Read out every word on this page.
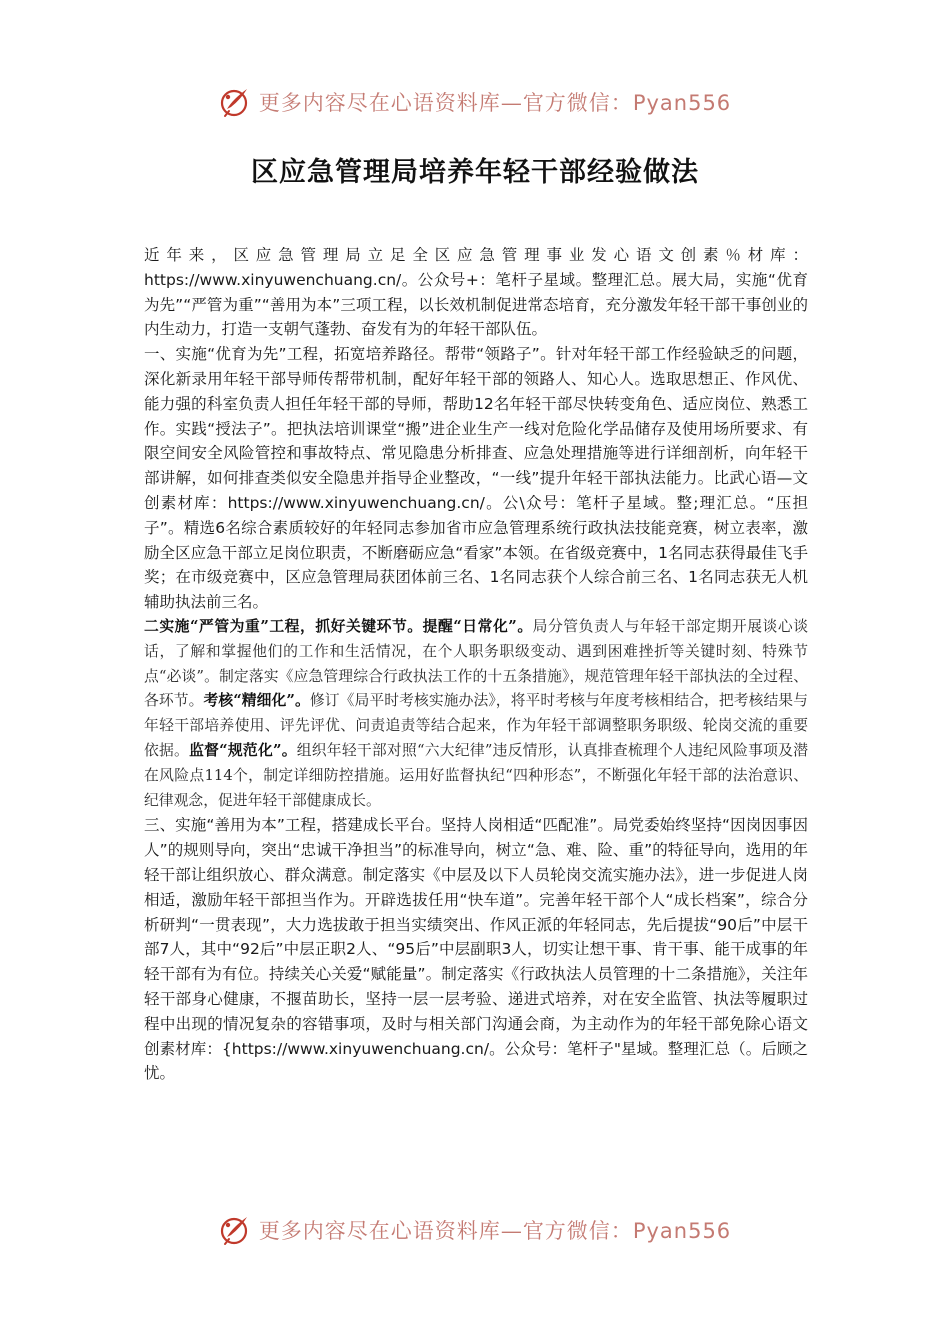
更多内容尽在心语资料库—官方微信：Pyan556
区应急管理局培养年轻干部经验做法

近年来，区应急管理局立足全区应急管理事业发心语文创素％材库：https://www.xinyuwenchuang.cn/。公众号+：笔杆子星域。整理汇总。展大局，实施“优育为先”“严管为重”“善用为本”三项工程，以长效机制促进常态培育，充分激发年轻干部干事创业的内生动力，打造一支朝气蓬勃、奋发有为的年轻干部队伍。

一、实施“优育为先”工程，拓宽培养路径。帮带“领路子”。针对年轻干部工作经验缺乏的问题，深化新录用年轻干部导师传帮带机制，配好年轻干部的领路人、知心人。选取思想正、作风优、能力强的科室负责人担任年轻干部的导师，帮助12名年轻干部尽快转变角色、适应岗位、熟悉工作。实践“授法子”。把执法培训课堂“搬”进企业生产一线对危险化学品储存及使用场所要求、有限空间安全风险管控和事故特点、常见隐患分析排查、应急处理措施等进行详细剖析，向年轻干部讲解，如何排查类似安全隐患并指导企业整改，“一线”提升年轻干部执法能力。比武心语—文创素材库：https://www.xinyuwenchuang.cn/。公\众号：笔杆子星域。整;理汇总。“压担子”。精选6名综合素质较好的年轻同志参加省市应急管理系统行政执法技能竞赛，树立表率，激励全区应急干部立足岗位职责，不断磨砺应急“看家”本领。在省级竞赛中，1名同志获得最佳飞手奖；在市级竞赛中，区应急管理局获团体前三名、1名同志获个人综合前三名、1名同志获无人机辅助执法前三名。

二实施“严管为重”工程，抓好关键环节。提醒“日常化”。局分管负责人与年轻干部定期开展谈心谈话，了解和掌握他们的工作和生活情况，在个人职务职级变动、遇到困难挫折等关键时刻、特殊节点“必谈”。制定落实《应急管理综合行政执法工作的十五条措施》，规范管理年轻干部执法的全过程、各环节。考核“精细化”。修订《局平时考核实施办法》，将平时考核与年度考核相结合，把考核结果与年轻干部培养使用、评先评优、问责追责等结合起来，作为年轻干部调整职务职级、轮岗交流的重要依据。监督“规范化”。组织年轻干部对照“六大纪律”违反情形，认真排查梳理个人违纪风险事项及潜在风险点114个，制定详细防控措施。运用好监督执纪“四种形态”，不断强化年轻干部的法治意识、纪律观念，促进年轻干部健康成长。

三、实施“善用为本”工程，搭建成长平台。坚持人岗相适“匹配准”。局党委始终坚持“因岗因事因人”的规则导向，突出“忠诚干净担当”的标准导向，树立“急、难、险、重”的特征导向，选用的年轻干部让组织放心、群众满意。制定落实《中层及以下人员轮岗交流实施办法》，进一步促进人岗相适，激励年轻干部担当作为。开辟选拔任用“快车道”。完善年轻干部个人“成长档案”，综合分析研判“一贯表现”，大力选拔敢于担当实绩突出、作风正派的年轻同志，先后提拔“90后”中层干部7人，其中“92后”中层正职2人、“95后”中层副职3人，切实让想干事、肯干事、能干成事的年轻干部有为有位。持续关心关爱“赋能量”。制定落实《行政执法人员管理的十二条措施》，关注年轻干部身心健康，不揠苗助长，坚持一层一层考验、递进式培养，对在安全监管、执法等履职过程中出现的情况复杂的容错事项，及时与相关部门沟通会商，为主动作为的年轻干部免除心语文创素材库：{https://www.xinyuwenchuang.cn/。公众号：笔杆子"星域。整理汇总（。后顾之忧。

更多内容尽在心语资料库—官方微信：Pyan556
